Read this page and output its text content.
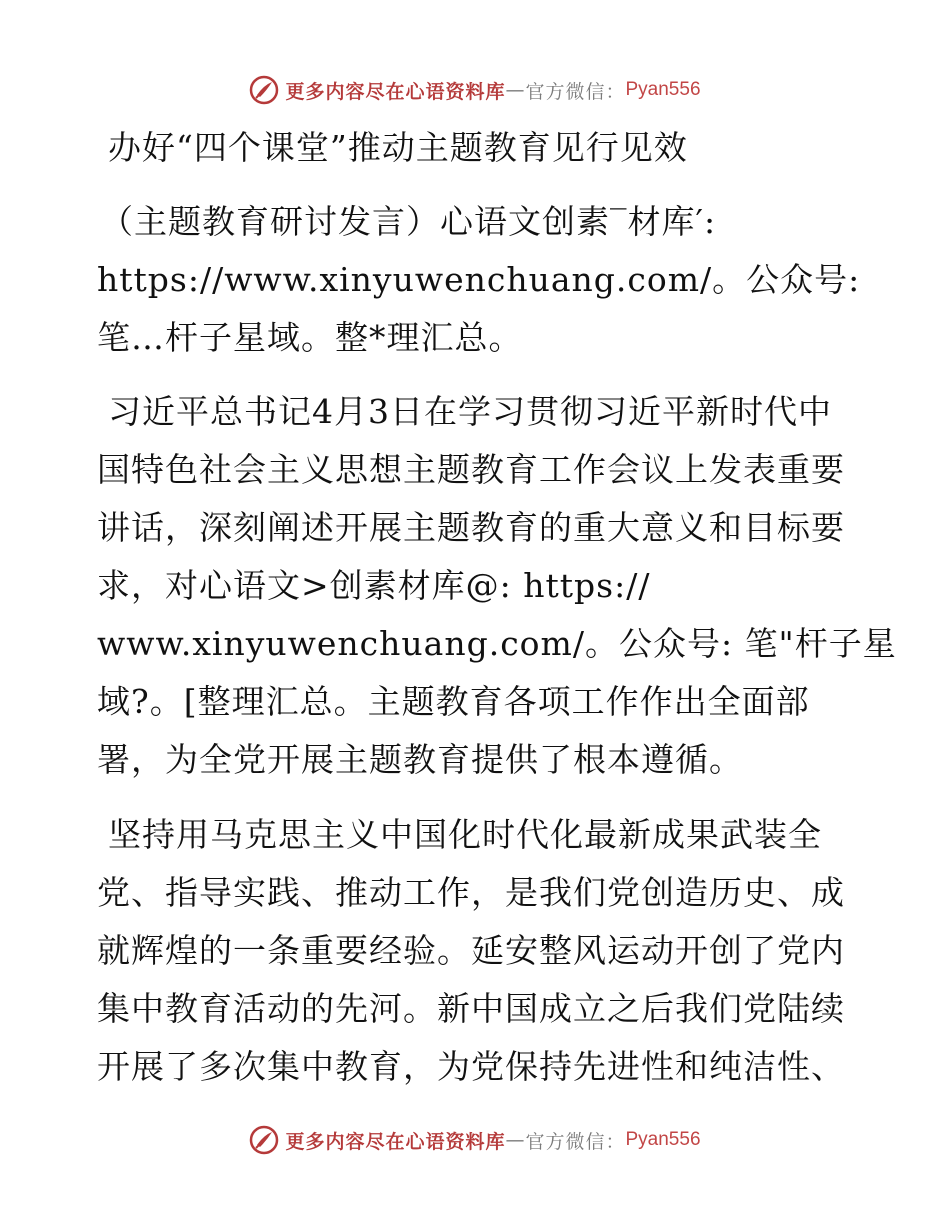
更多内容尽在心语资料库 — 官方微信： Pyan556
办好“四个课堂”推动主题教育见行见效
（主题教育研讨发言）心语文创素‾材库′:
https://www.xinyuwenchuang.com/。公众号:
笔…杆子星域。整*理汇总。
习近平总书记4月3日在学习贯彻习近平新时代中
国特色社会主义思想主题教育工作会议上发表重要
讲话，深刻阐述开展主题教育的重大意义和目标要
求，对心语文>创素材库@: https://
www.xinyuwenchuang.com/。公众号: 笔"杆子星
域?。[整理汇总。主题教育各项工作作出全面部
署，为全党开展主题教育提供了根本遵循。
坚持用马克思主义中国化时代化最新成果武装全
党、指导实践、推动工作，是我们党创造历史、成
就辉煌的一条重要经验。延安整风运动开创了党内
集中教育活动的先河。新中国成立之后我们党陆续
开展了多次集中教育，为党保持先进性和纯洁性、
更多内容尽在心语资料库 — 官方微信： Pyan556
